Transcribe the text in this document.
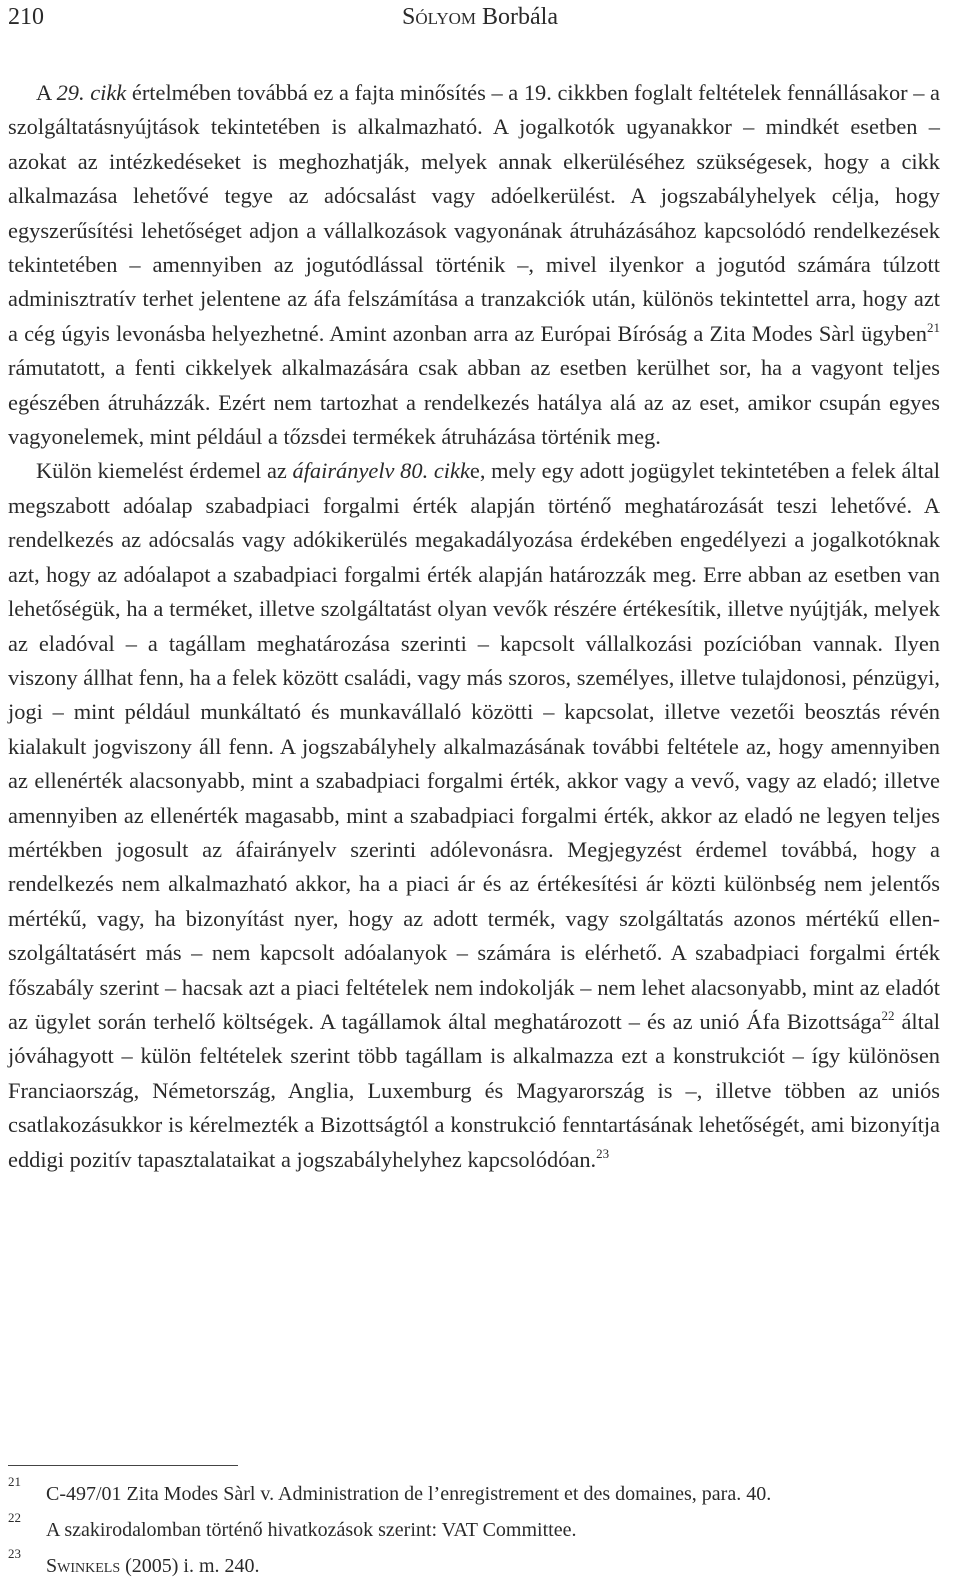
210	Sólyom Borbála

A 29. cikk értelmében továbbá ez a fajta minősítés – a 19. cikkben foglalt feltételek fennállásakor – a szolgáltatásnyújtások tekintetében is alkalmazható. A jogalkotók ugyanakkor – mindkét esetben – azokat az intézkedéseket is meghozhatják, melyek annak elkerüléséhez szükségesek, hogy a cikk alkalmazása lehetővé tegye az adócsalást vagy adóelkerülést. A jogszabályhelyek célja, hogy egyszerűsítési lehetőséget adjon a vállalkozások vagyonának átruházásához kapcsolódó rendelkezések tekintetében – amennyiben az jogutódlással történik –, mivel ilyenkor a jogutód számára túlzott adminisztratív terhet jelentene az áfa felszámítása a tranzakciók után, különös tekintettel arra, hogy azt a cég úgyis levonásba helyezhetné. Amint azonban arra az Európai Bíróság a Zita Modes Sàrl ügyben$^{21}$ rámutatott, a fenti cikkelyek alkalmazására csak abban az esetben kerülhet sor, ha a vagyont teljes egészében átruházzák. Ezért nem tartozhat a rendelkezés hatálya alá az az eset, amikor csupán egyes vagyonelemek, mint például a tőzsdei termékek átruházása történik meg.

Külön kiemelést érdemel az áfairányelv 80. cikke, mely egy adott jogügylet tekintetében a felek által megszabott adóalap szabadpiaci forgalmi érték alapján történő meghatározását teszi lehetővé. A rendelkezés az adócsalás vagy adókikerülés megakadályozása érdekében engedélyezi a jogalkotóknak azt, hogy az adóalapot a szabadpiaci forgalmi érték alapján határozzák meg. Erre abban az esetben van lehetőségük, ha a terméket, illetve szolgáltatást olyan vevők részére értékesítik, illetve nyújtják, melyek az eladóval – a tagállam meghatározása szerinti – kapcsolt vállalkozási pozícióban vannak. Ilyen viszony állhat fenn, ha a felek között családi, vagy más szoros, személyes, illetve tulajdonosi, pénzügyi, jogi – mint például munkáltató és munkavállaló közötti – kapcsolat, illetve vezetői beosztás révén kialakult jogviszony áll fenn. A jogszabályhely alkalmazásának további feltétele az, hogy amennyiben az ellenérték alacsonyabb, mint a szabadpiaci forgalmi érték, akkor vagy a vevő, vagy az eladó; illetve amennyiben az ellenérték magasabb, mint a szabadpiaci forgalmi érték, akkor az eladó ne legyen teljes mértékben jogosult az áfairányelv szerinti adólevonásra. Megjegyzést érdemel továbbá, hogy a rendelkezés nem alkalmazható akkor, ha a piaci ár és az értékesítési ár közti különbség nem jelentős mértékű, vagy, ha bizonyítást nyer, hogy az adott termék, vagy szolgáltatás azonos mértékű ellenszolgáltatásért más – nem kapcsolt adóalanyok – számára is elérhető. A szabadpiaci forgalmi érték főszabály szerint – hacsak azt a piaci feltételek nem indokolják – nem lehet alacsonyabb, mint az eladót az ügylet során terhelő költségek. A tagállamok által meghatározott – és az unió Áfa Bizottsága$^{22}$ által jóváhagyott – külön feltételek szerint több tagállam is alkalmazza ezt a konstrukciót – így különösen Franciaország, Németország, Anglia, Luxemburg és Magyarország is –, illetve többen az uniós csatlakozásukkor is kérelmezték a Bizottságtól a konstrukció fenntartásának lehetőségét, ami bizonyítja eddigi pozitív tapasztalataikat a jogszabályhelyhez kapcsolódóan.$^{23}$

21
C-497/01 Zita Modes Sàrl v. Administration de l’enregistrement et des domaines, para. 40.
22
A szakirodalomban történő hivatkozások szerint: VAT Committee.
23
Swinkels (2005) i. m. 240.
